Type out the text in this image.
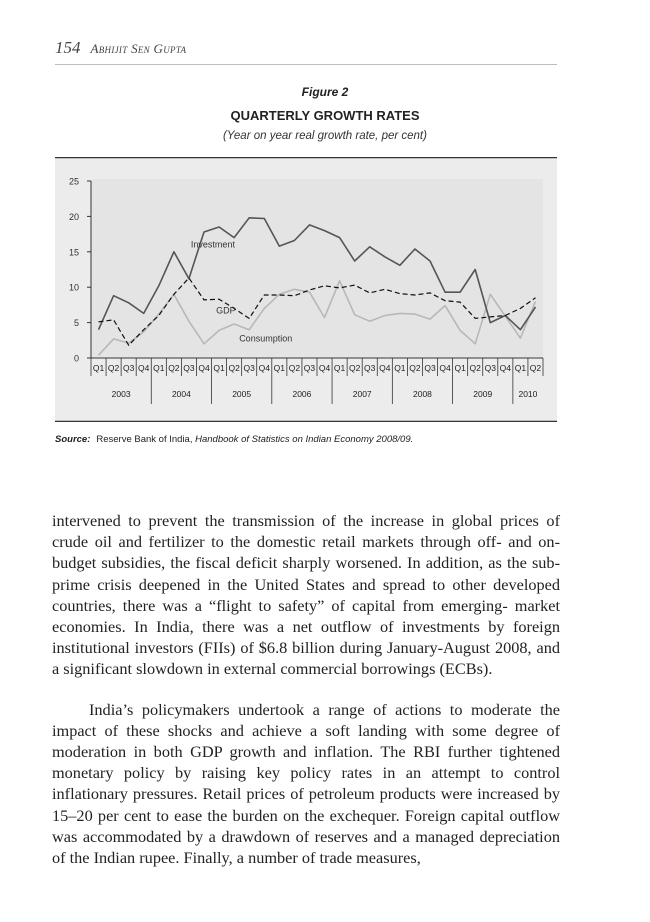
154 Abhijit Sen Gupta
Figure 2
QUARTERLY GROWTH RATES
(Year on year real growth rate, per cent)
0
5
10
15
20
25
Q1 Q2 Q3 Q4 Q1 Q2 Q3 Q4 Q1 Q2 Q3 Q4 Q1 Q2 Q3 Q4 Q1 Q2 Q3 Q4 Q1 Q2 Q3 Q4 Q1 Q2 Q3 Q4 Q1 Q2
2003	2004	2005	2006	2007	2008	2009	2010
Investment
GDP
Consumption
Source: Reserve Bank of India, Handbook of Statistics on Indian Economy 2008/09.

intervened to prevent the transmission of the increase in global prices of crude oil and fertilizer to the domestic retail markets through off- and on-budget subsidies, the fiscal deficit sharply worsened. In addition, as the sub-prime crisis deepened in the United States and spread to other developed countries, there was a “flight to safety” of capital from emerging- market economies. In India, there was a net outflow of investments by foreign institutional investors (FIIs) of $6.8 billion during January-August 2008, and a significant slowdown in external commercial borrowings (ECBs).

India’s policymakers undertook a range of actions to moderate the impact of these shocks and achieve a soft landing with some degree of moderation in both GDP growth and inflation. The RBI further tightened monetary policy by raising key policy rates in an attempt to control inflationary pressures. Retail prices of petroleum products were increased by 15–20 per cent to ease the burden on the exchequer. Foreign capital outflow was accommodated by a drawdown of reserves and a managed depreciation of the Indian rupee. Finally, a number of trade measures,
